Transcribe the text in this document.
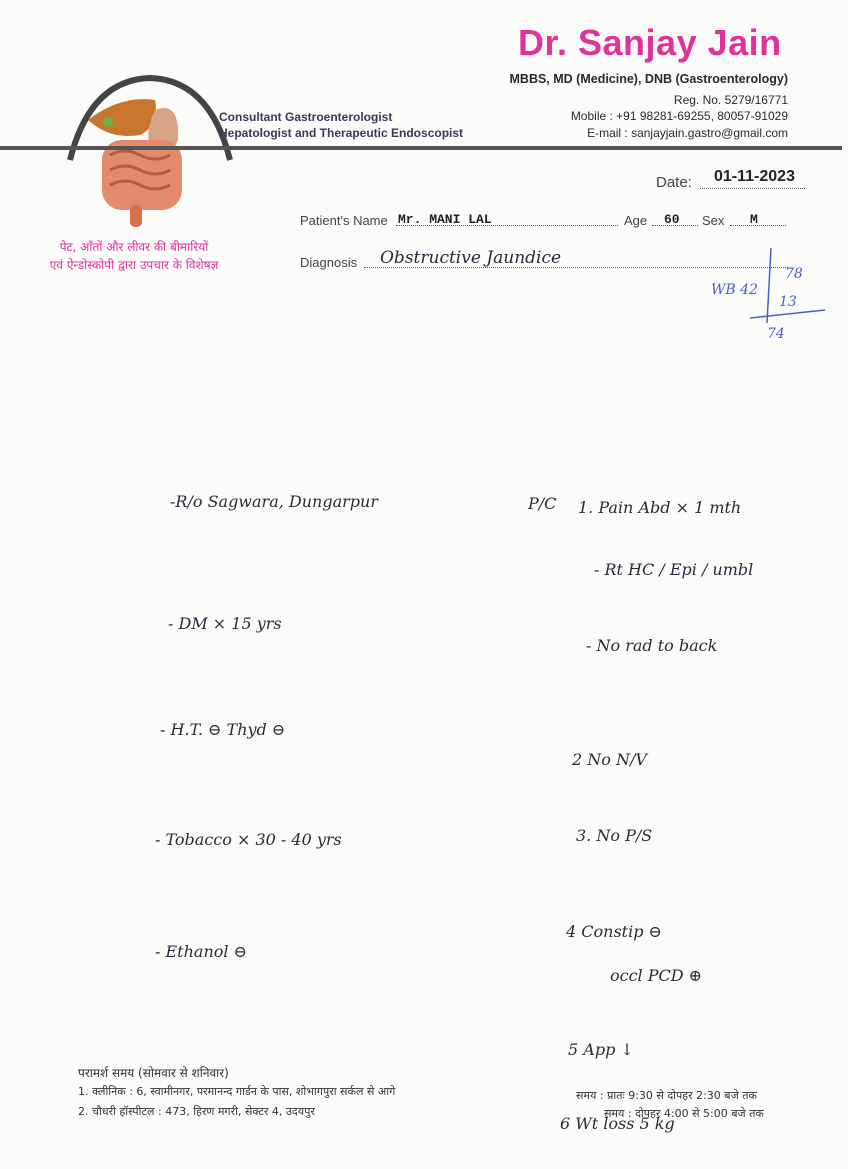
Dr. Sanjay Jain
MBBS, MD (Medicine), DNB (Gastroenterology)
Reg. No. 5279/16771
Mobile : +91 98281-69255, 80057-91029
E-mail : sanjayjain.gastro@gmail.com
Consultant Gastroenterologist
Hepatologist and Therapeutic Endoscopist
पेट, आँतों और लीवर की बीमारियों
एवं ऐन्डोस्कोपी द्वारा उपचार के विशेषज्ञ
Date: 01-11-2023
Patient's Name Mr. MANI LAL	Age 60 Sex M
Diagnosis Obstructive Jaundice
WB 42
78
13
74
-R/o Sagwara, Dungarpur
- DM × 15 yrs
- H.T. ⊖ Thyd ⊖
- Tobacco × 30 - 40 yrs
- Ethanol ⊖
P/C 1. Pain Abd × 1 mth
- Rt HC / Epi / umbl
- No rad to back
2 No N/V
3. No P/S
4 Constip ⊖
occl PCD ⊕
5 App ↓
6 Wt loss 5 kg
परामर्श समय (सोमवार से शनिवार)
1. क्लीनिक : 6, स्वामीनगर, परमानन्द गार्डन के पास, शोभागपुरा सर्कल से आगे
2. चौधरी हॉस्पीटल : 473, हिरण मगरी, सेक्टर 4, उदयपुर
समय : प्रातः 9:30 से दोपहर 2:30 बजे तक
समय : दोपहर 4:00 से 5:00 बजे तक
